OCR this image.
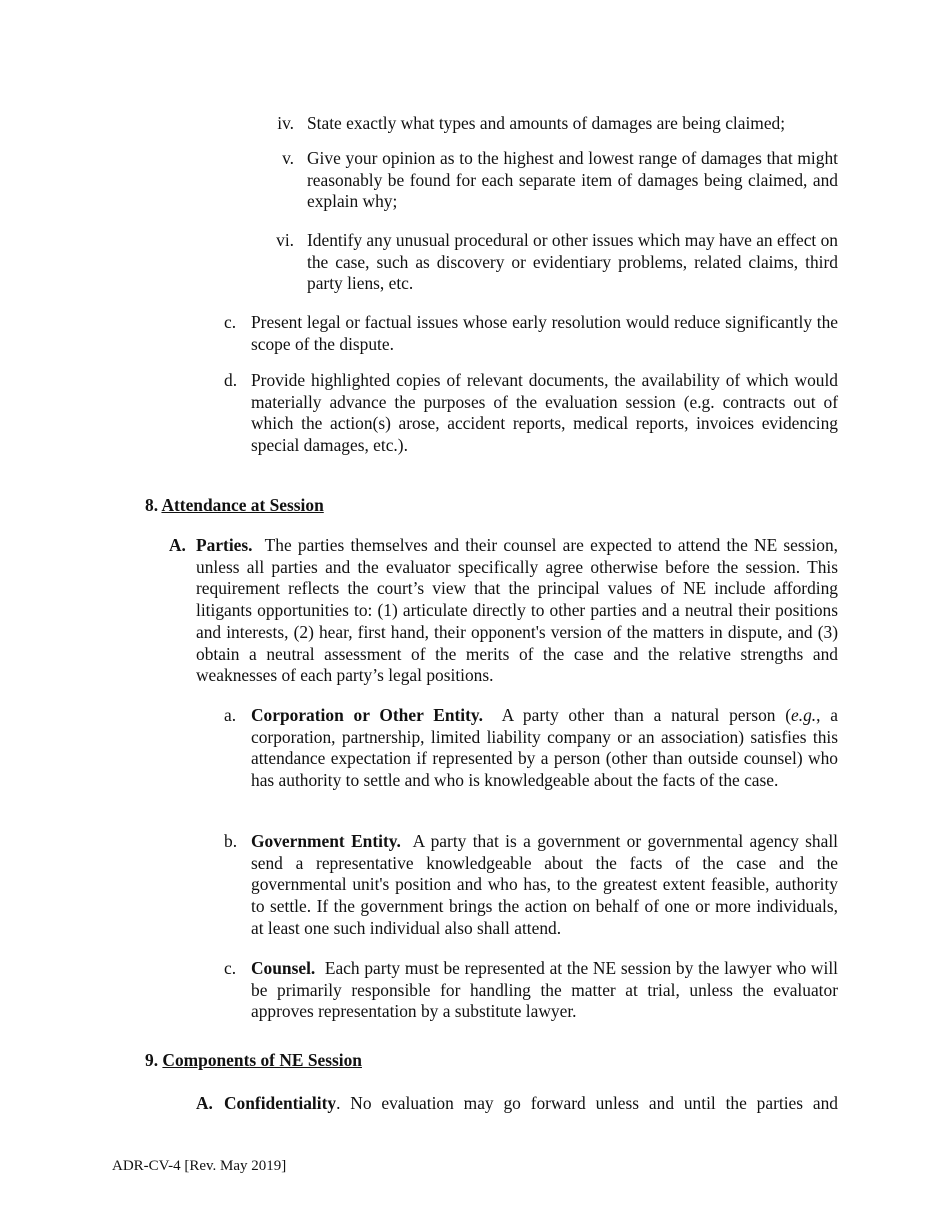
iv. State exactly what types and amounts of damages are being claimed;
v. Give your opinion as to the highest and lowest range of damages that might reasonably be found for each separate item of damages being claimed, and explain why;
vi. Identify any unusual procedural or other issues which may have an effect on the case, such as discovery or evidentiary problems, related claims, third party liens, etc.
c. Present legal or factual issues whose early resolution would reduce significantly the scope of the dispute.
d. Provide highlighted copies of relevant documents, the availability of which would materially advance the purposes of the evaluation session (e.g. contracts out of which the action(s) arose, accident reports, medical reports, invoices evidencing special damages, etc.).
8. Attendance at Session
A. Parties. The parties themselves and their counsel are expected to attend the NE session, unless all parties and the evaluator specifically agree otherwise before the session. This requirement reflects the court’s view that the principal values of NE include affording litigants opportunities to: (1) articulate directly to other parties and a neutral their positions and interests, (2) hear, first hand, their opponent's version of the matters in dispute, and (3) obtain a neutral assessment of the merits of the case and the relative strengths and weaknesses of each party’s legal positions.
a. Corporation or Other Entity. A party other than a natural person (e.g., a corporation, partnership, limited liability company or an association) satisfies this attendance expectation if represented by a person (other than outside counsel) who has authority to settle and who is knowledgeable about the facts of the case.
b. Government Entity. A party that is a government or governmental agency shall send a representative knowledgeable about the facts of the case and the governmental unit's position and who has, to the greatest extent feasible, authority to settle. If the government brings the action on behalf of one or more individuals, at least one such individual also shall attend.
c. Counsel. Each party must be represented at the NE session by the lawyer who will be primarily responsible for handling the matter at trial, unless the evaluator approves representation by a substitute lawyer.
9. Components of NE Session
A. Confidentiality. No evaluation may go forward unless and until the parties and
ADR-CV-4 [Rev. May 2019]
